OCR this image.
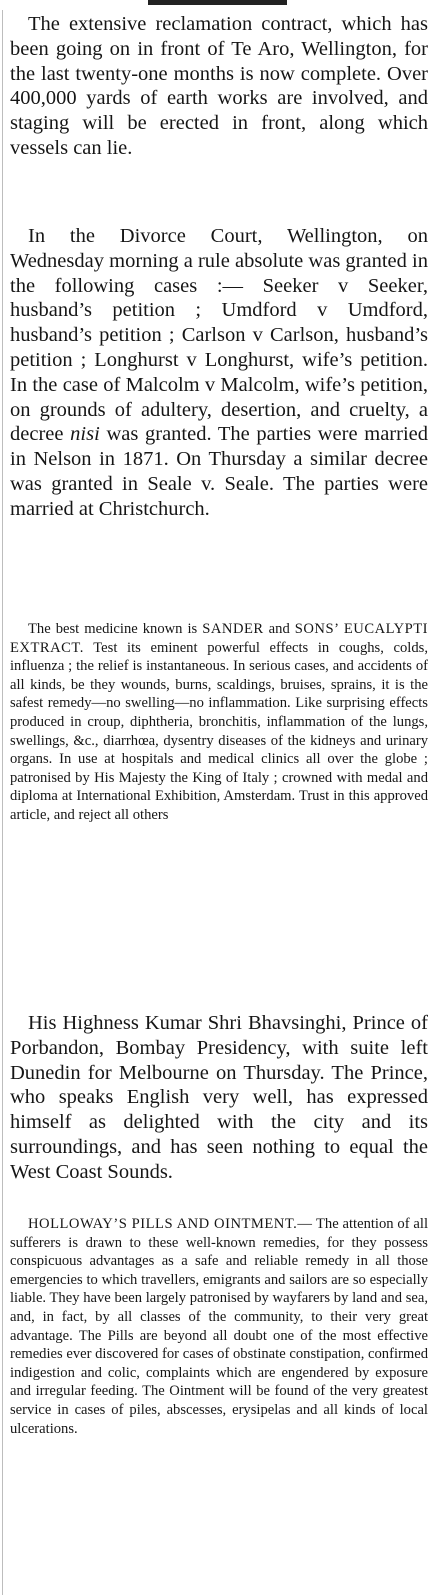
The extensive reclamation contract, which has been going on in front of Te Aro, Wellington, for the last twenty-one months is now complete. Over 400,000 yards of earth works are involved, and staging will be erected in front, along which vessels can lie.

In the Divorce Court, Wellington, on Wednesday morning a rule absolute was granted in the following cases :— Seeker v Seeker, husband’s petition ; Umdford v Umdford, husband’s petition ; Carlson v Carlson, husband’s petition ; Longhurst v Longhurst, wife’s petition. In the case of Malcolm v Malcolm, wife’s petition, on grounds of adultery, desertion, and cruelty, a decree nisi was granted. The parties were married in Nelson in 1871. On Thursday a similar decree was granted in Seale v. Seale. The parties were married at Christchurch.

The best medicine known is SANDER and SONS’ EUCALYPTI EXTRACT. Test its eminent powerful effects in coughs, colds, influenza ; the relief is instantaneous. In serious cases, and accidents of all kinds, be they wounds, burns, scaldings, bruises, sprains, it is the safest remedy—no swelling—no inflammation. Like surprising effects produced in croup, diphtheria, bronchitis, inflammation of the lungs, swellings, &c., diarrhœa, dysentry diseases of the kidneys and urinary organs. In use at hospitals and medical clinics all over the globe ; patronised by His Majesty the King of Italy ; crowned with medal and diploma at International Exhibition, Amsterdam. Trust in this approved article, and reject all others

His Highness Kumar Shri Bhavsinghi, Prince of Porbandon, Bombay Presidency, with suite left Dunedin for Melbourne on Thursday. The Prince, who speaks English very well, has expressed himself as delighted with the city and its surroundings, and has seen nothing to equal the West Coast Sounds.

HOLLOWAY’S PILLS AND OINTMENT.— The attention of all sufferers is drawn to these well-known remedies, for they possess conspicuous advantages as a safe and reliable remedy in all those emergencies to which travellers, emigrants and sailors are so especially liable. They have been largely patronised by wayfarers by land and sea, and, in fact, by all classes of the community, to their very great advantage. The Pills are beyond all doubt one of the most effective remedies ever discovered for cases of obstinate constipation, confirmed indigestion and colic, complaints which are engendered by exposure and irregular feeding. The Ointment will be found of the very greatest service in cases of piles, abscesses, erysipelas and all kinds of local ulcerations.
